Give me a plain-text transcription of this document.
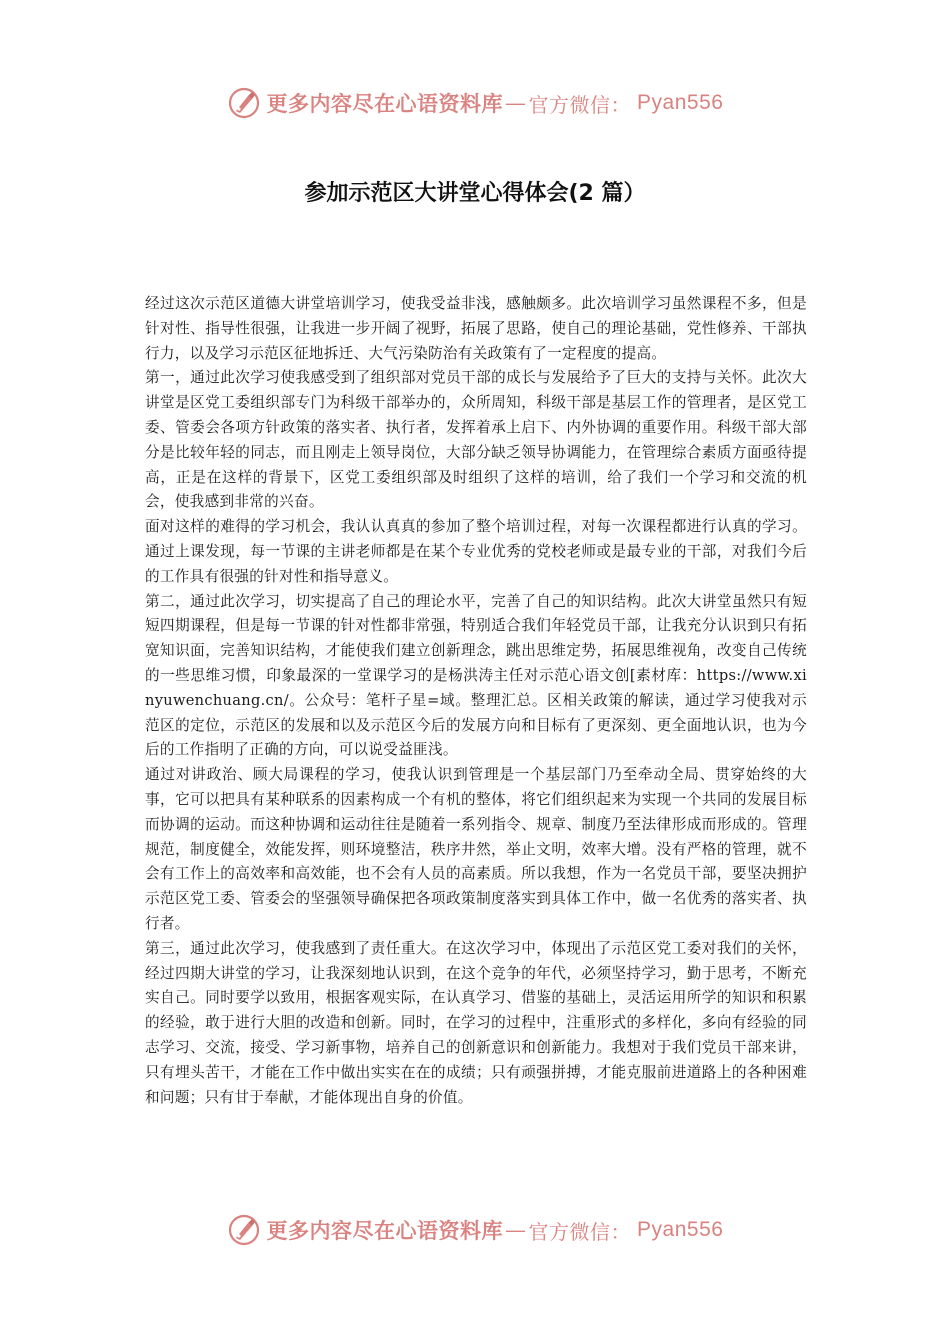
更多内容尽在心语资料库 — 官方微信： Pyan556
参加示范区大讲堂心得体会(2 篇）

经过这次示范区道德大讲堂培训学习，使我受益非浅，感触颇多。此次培训学习虽然课程不多，但是针对性、指导性很强，让我进一步开阔了视野，拓展了思路，使自己的理论基础，党性修养、干部执行力，以及学习示范区征地拆迁、大气污染防治有关政策有了一定程度的提高。

第一，通过此次学习使我感受到了组织部对党员干部的成长与发展给予了巨大的支持与关怀。此次大讲堂是区党工委组织部专门为科级干部举办的，众所周知，科级干部是基层工作的管理者，是区党工委、管委会各项方针政策的落实者、执行者，发挥着承上启下、内外协调的重要作用。科级干部大部分是比较年轻的同志，而且刚走上领导岗位，大部分缺乏领导协调能力，在管理综合素质方面亟待提高，正是在这样的背景下，区党工委组织部及时组织了这样的培训，给了我们一个学习和交流的机会，使我感到非常的兴奋。

面对这样的难得的学习机会，我认认真真的参加了整个培训过程，对每一次课程都进行认真的学习。通过上课发现，每一节课的主讲老师都是在某个专业优秀的党校老师或是最专业的干部，对我们今后的工作具有很强的针对性和指导意义。

第二，通过此次学习，切实提高了自己的理论水平，完善了自己的知识结构。此次大讲堂虽然只有短短四期课程，但是每一节课的针对性都非常强，特别适合我们年轻党员干部，让我充分认识到只有拓宽知识面，完善知识结构，才能使我们建立创新理念，跳出思维定势，拓展思维视角，改变自己传统的一些思维习惯，印象最深的一堂课学习的是杨洪涛主任对示范心语文创[素材库：https://www.xinyuwenchuang.cn/。公众号：笔杆子星=域。整理汇总。区相关政策的解读，通过学习使我对示范区的定位，示范区的发展和以及示范区今后的发展方向和目标有了更深刻、更全面地认识，也为今后的工作指明了正确的方向，可以说受益匪浅。

通过对讲政治、顾大局课程的学习，使我认识到管理是一个基层部门乃至牵动全局、贯穿始终的大事，它可以把具有某种联系的因素构成一个有机的整体，将它们组织起来为实现一个共同的发展目标而协调的运动。而这种协调和运动往往是随着一系列指令、规章、制度乃至法律形成而形成的。管理规范，制度健全，效能发挥，则环境整洁，秩序井然，举止文明，效率大增。没有严格的管理，就不会有工作上的高效率和高效能，也不会有人员的高素质。所以我想，作为一名党员干部，要坚决拥护示范区党工委、管委会的坚强领导确保把各项政策制度落实到具体工作中，做一名优秀的落实者、执行者。

第三，通过此次学习，使我感到了责任重大。在这次学习中，体现出了示范区党工委对我们的关怀，经过四期大讲堂的学习，让我深刻地认识到，在这个竞争的年代，必须坚持学习，勤于思考，不断充实自己。同时要学以致用，根据客观实际，在认真学习、借鉴的基础上，灵活运用所学的知识和积累的经验，敢于进行大胆的改造和创新。同时，在学习的过程中，注重形式的多样化，多向有经验的同志学习、交流，接受、学习新事物，培养自己的创新意识和创新能力。我想对于我们党员干部来讲，只有埋头苦干，才能在工作中做出实实在在的成绩；只有顽强拼搏，才能克服前进道路上的各种困难和问题；只有甘于奉献，才能体现出自身的价值。

更多内容尽在心语资料库 — 官方微信： Pyan556
